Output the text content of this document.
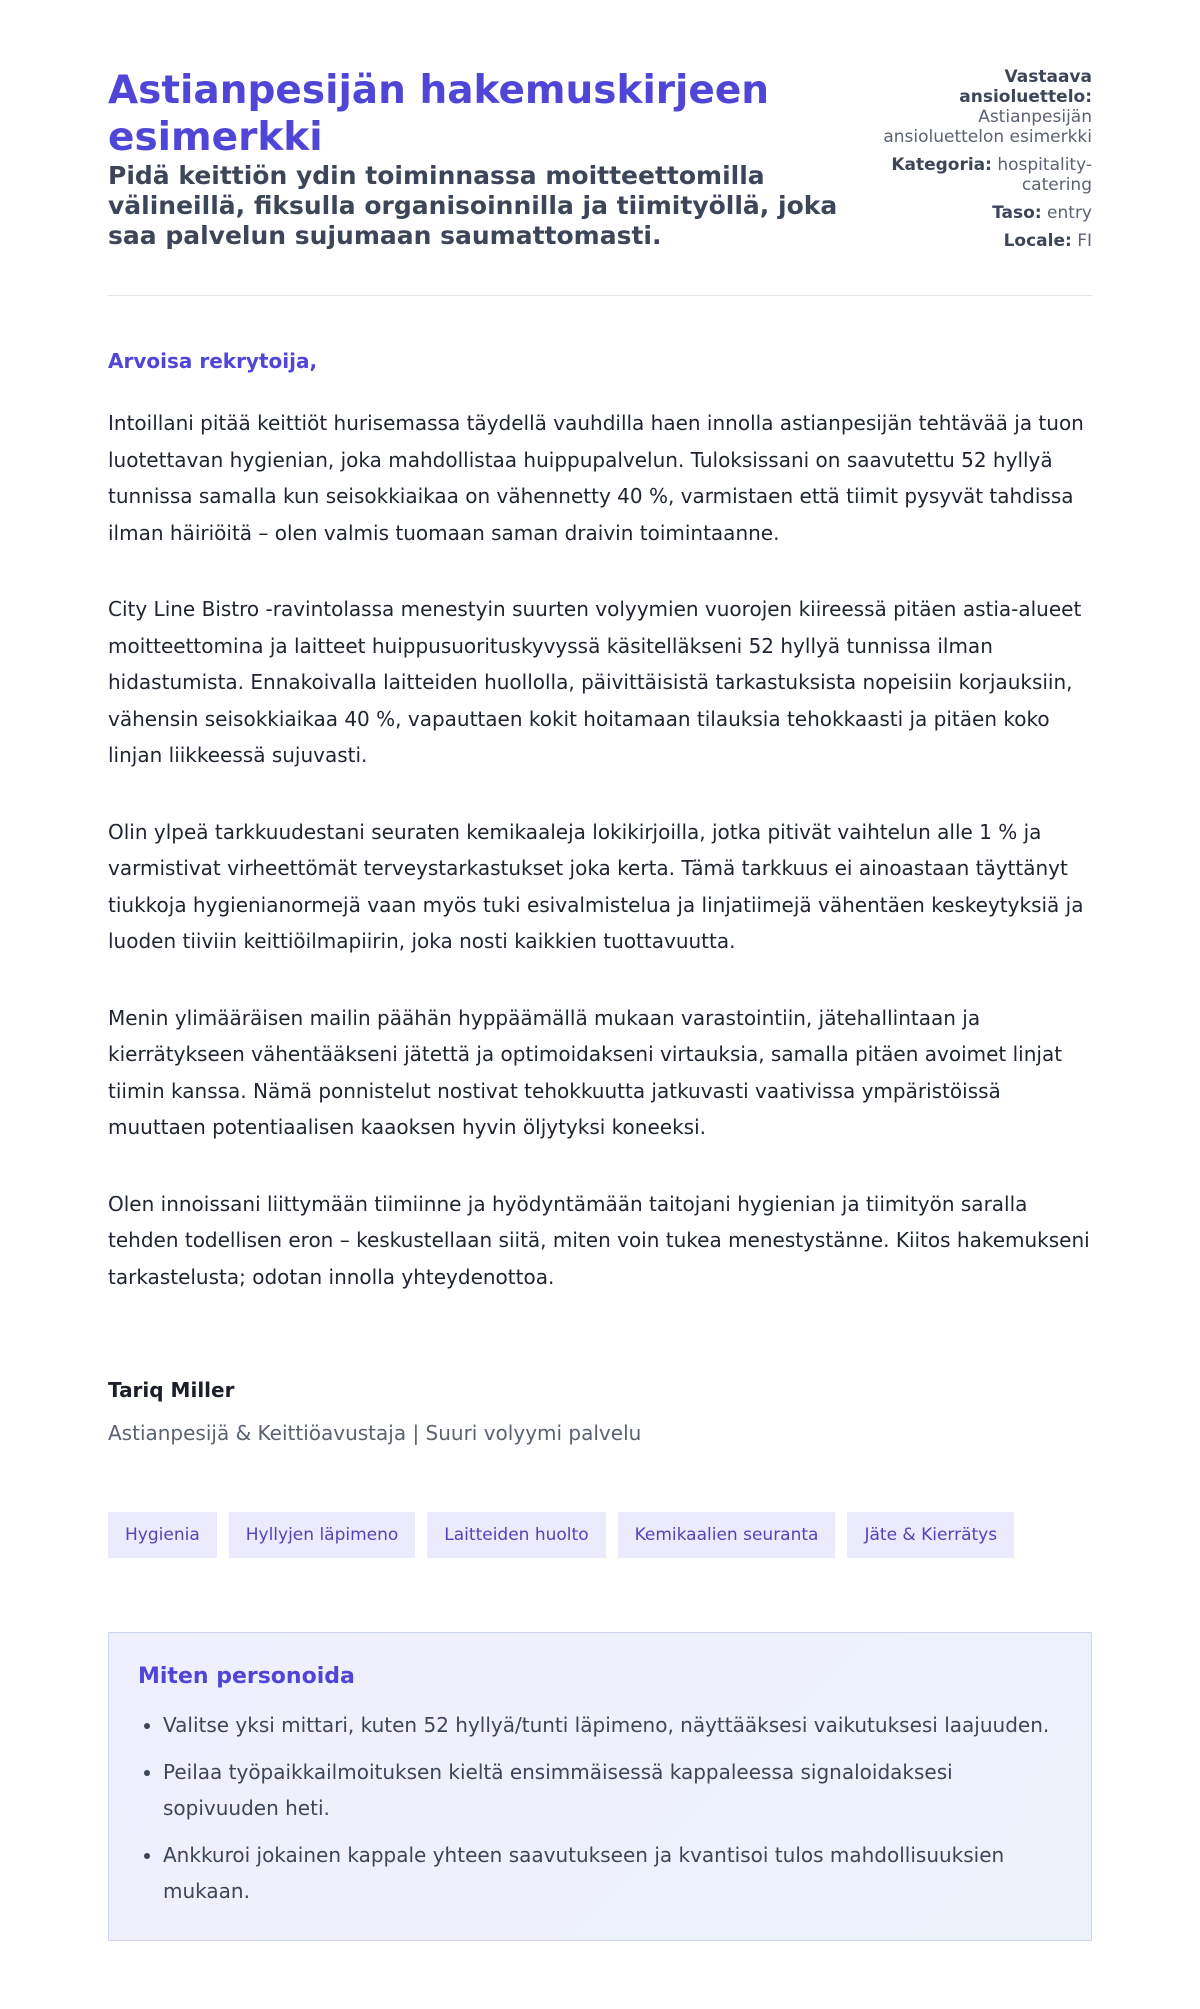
Astianpesijän hakemuskirjeen esimerkki

Pidä keittiön ydin toiminnassa moitteettomilla välineillä, fiksulla organisoinnilla ja tiimityöllä, joka saa palvelun sujumaan saumattomasti.

Vastaava ansioluettelo: Astianpesijän ansioluettelon esimerkki
Kategoria: hospitality-catering
Taso: entry
Locale: FI

Arvoisa rekrytoija,

Intoillani pitää keittiöt hurisemassa täydellä vauhdilla haen innolla astianpesijän tehtävää ja tuon luotettavan hygienian, joka mahdollistaa huippupalvelun. Tuloksissani on saavutettu 52 hyllyä tunnissa samalla kun seisokkiaikaa on vähennetty 40 %, varmistaen että tiimit pysyvät tahdissa ilman häiriöitä – olen valmis tuomaan saman draivin toimintaanne.

City Line Bistro -ravintolassa menestyin suurten volyymien vuorojen kiireessä pitäen astia-alueet moitteettomina ja laitteet huippusuorituskyvyssä käsitelläkseni 52 hyllyä tunnissa ilman hidastumista. Ennakoivalla laitteiden huollolla, päivittäisistä tarkastuksista nopeisiin korjauksiin, vähensin seisokkiaikaa 40 %, vapauttaen kokit hoitamaan tilauksia tehokkaasti ja pitäen koko linjan liikkeessä sujuvasti.

Olin ylpeä tarkkuudestani seuraten kemikaaleja lokikirjoilla, jotka pitivät vaihtelun alle 1 % ja varmistivat virheettömät terveystarkastukset joka kerta. Tämä tarkkuus ei ainoastaan täyttänyt tiukkoja hygienianormejä vaan myös tuki esivalmistelua ja linjatiimejä vähentäen keskeytyksiä ja luoden tiiviin keittiöilmapiirin, joka nosti kaikkien tuottavuutta.

Menin ylimääräisen mailin päähän hyppäämällä mukaan varastointiin, jätehallintaan ja kierrätykseen vähentääkseni jätettä ja optimoidakseni virtauksia, samalla pitäen avoimet linjat tiimin kanssa. Nämä ponnistelut nostivat tehokkuutta jatkuvasti vaativissa ympäristöissä muuttaen potentiaalisen kaaoksen hyvin öljytyksi koneeksi.

Olen innoissani liittymään tiimiinne ja hyödyntämään taitojani hygienian ja tiimityön saralla tehden todellisen eron – keskustellaan siitä, miten voin tukea menestystänne. Kiitos hakemukseni tarkastelusta; odotan innolla yhteydenottoa.

Tariq Miller

Astianpesijä & Keittiöavustaja | Suuri volyymi palvelu

Hygienia	Hyllyjen läpimeno	Laitteiden huolto	Kemikaalien seuranta	Jäte & Kierrätys
Miten personoida
• Valitse yksi mittari, kuten 52 hyllyä/tunti läpimeno, näyttääksesi vaikutuksesi laajuuden.
• Peilaa työpaikkailmoituksen kieltä ensimmäisessä kappaleessa signaloidaksesi sopivuuden heti.
• Ankkuroi jokainen kappale yhteen saavutukseen ja kvantisoi tulos mahdollisuuksien mukaan.
